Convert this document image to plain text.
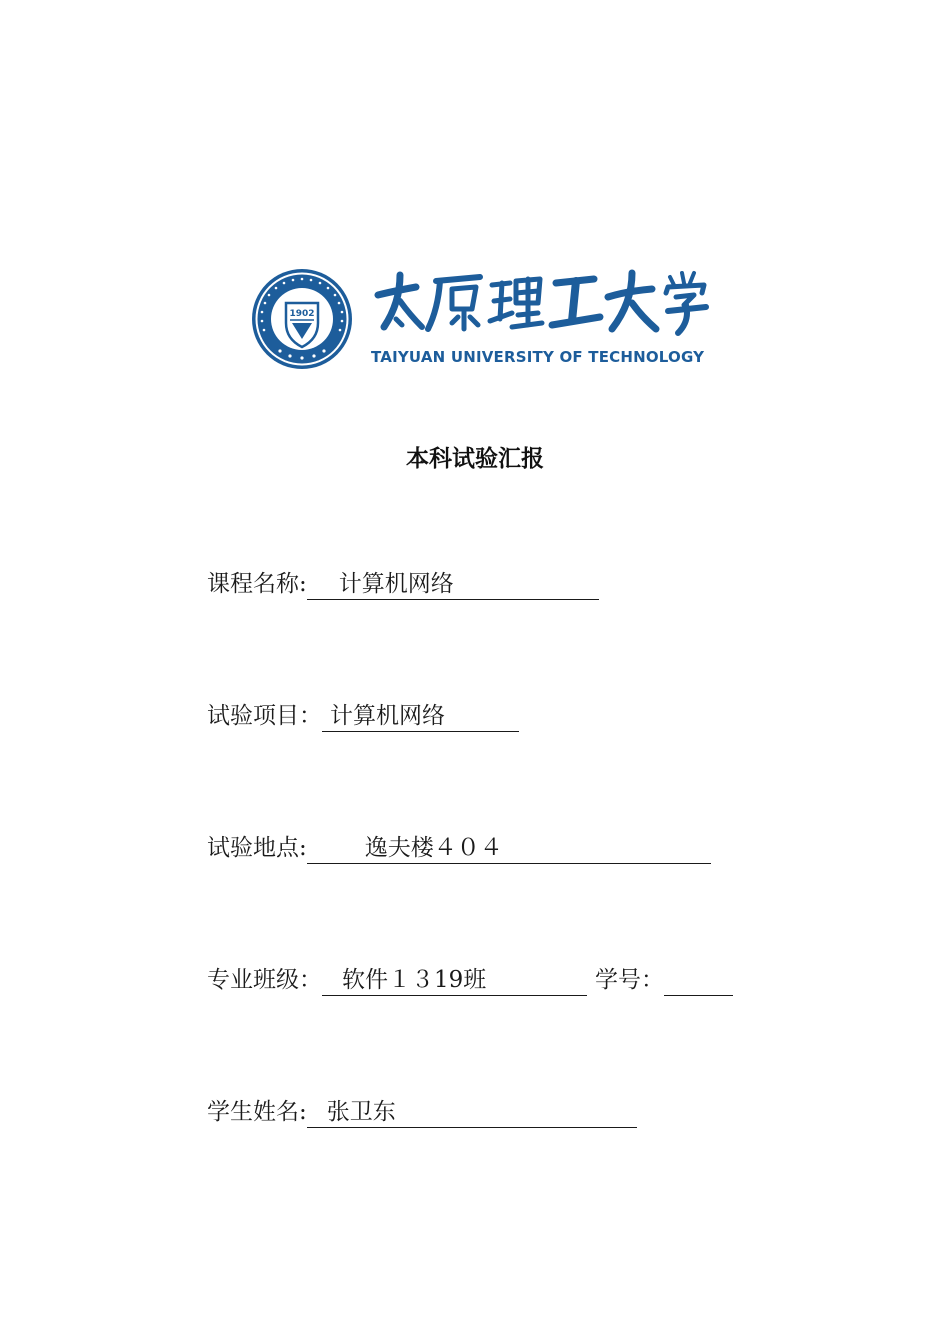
1902
TAIYUAN UNIVERSITY OF TECHNOLOGY
本科试验汇报
课程名称: 计算机网络
试验项目： 计算机网络
试验地点:	逸夫楼４０４
专业班级： 软件１３19班	学号：
学生姓名: 张卫东
